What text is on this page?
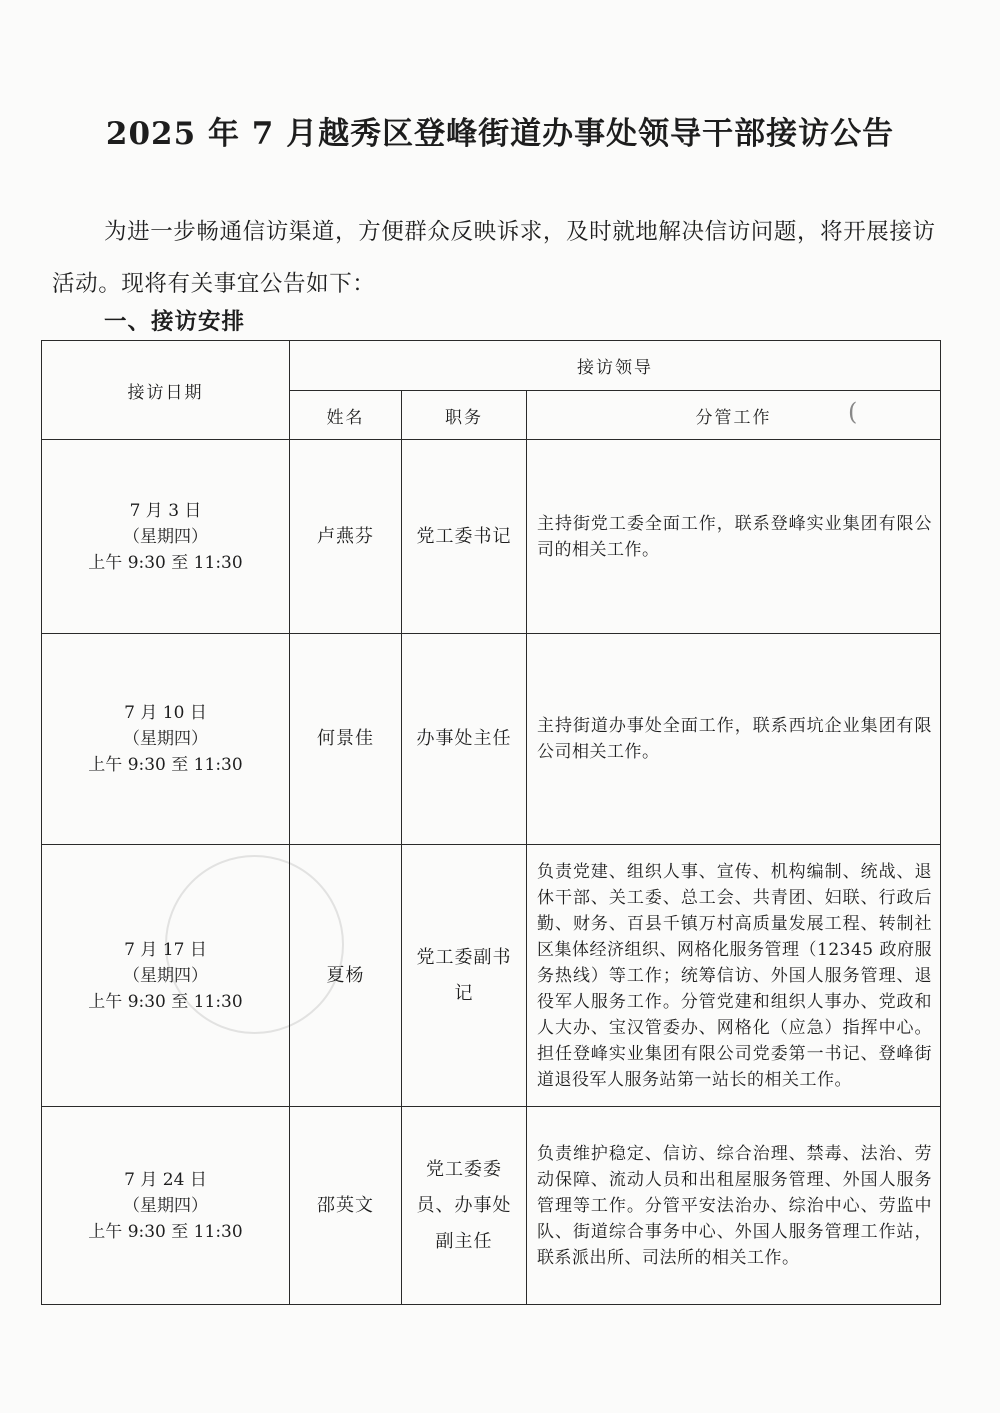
2025 年 7 月越秀区登峰街道办事处领导干部接访公告
为进一步畅通信访渠道，方便群众反映诉求，及时就地解决信访问题，将开展接访活动。现将有关事宜公告如下：
一、接访安排
(
接访日期	接访领导		
	姓名	职务	分管工作

7 月 3 日
（星期四）
上午 9:30 至 11:30	卢燕芬	党工委书记	主持街党工委全面工作，联系登峰实业集团有限公司的相关工作。

7 月 10 日
（星期四）
上午 9:30 至 11:30	何景佳	办事处主任	主持街道办事处全面工作，联系西坑企业集团有限公司相关工作。

7 月 17 日
（星期四）
上午 9:30 至 11:30	夏杨	党工委副书记	负责党建、组织人事、宣传、机构编制、统战、退休干部、关工委、总工会、共青团、妇联、行政后勤、财务、百县千镇万村高质量发展工程、转制社区集体经济组织、网格化服务管理（12345 政府服务热线）等工作；统筹信访、外国人服务管理、退役军人服务工作。分管党建和组织人事办、党政和人大办、宝汉管委办、网格化（应急）指挥中心。担任登峰实业集团有限公司党委第一书记、登峰街道退役军人服务站第一站长的相关工作。

7 月 24 日
（星期四）
上午 9:30 至 11:30	邵英文	党工委委员、办事处副主任	负责维护稳定、信访、综合治理、禁毒、法治、劳动保障、流动人员和出租屋服务管理、外国人服务管理等工作。分管平安法治办、综治中心、劳监中队、街道综合事务中心、外国人服务管理工作站，联系派出所、司法所的相关工作。
